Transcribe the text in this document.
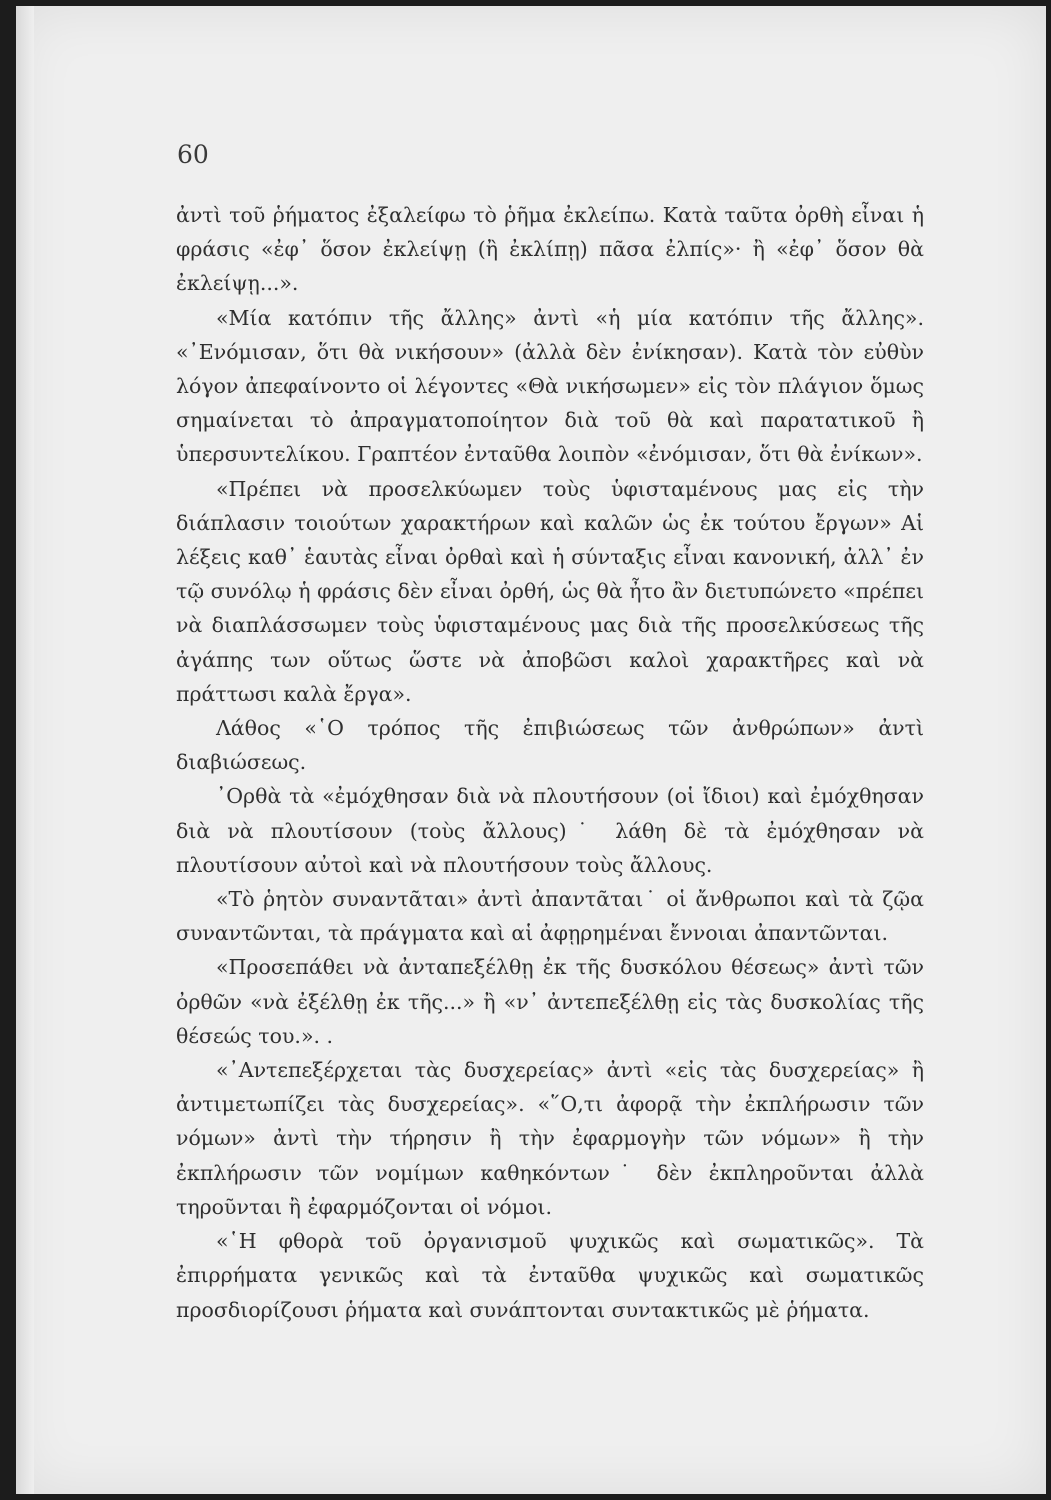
60

ἀντὶ τοῦ ῥήματος ἐξαλείφω τὸ ῥῆμα ἐκλείπω. Κατὰ ταῦτα ὀρθὴ εἶναι ἡ φράσις «ἐφ᾽ ὅσον ἐκλείψῃ (ἢ ἐκλίπῃ) πᾶσα ἐλπίς»· ἢ «ἐφ᾽ ὅσον θὰ ἐκλείψῃ...».

«Μία κατόπιν τῆς ἄλλης» ἀντὶ «ἡ μία κατόπιν τῆς ἄλλης». «᾽Ενόμισαν, ὅτι θὰ νικήσουν» (ἀλλὰ δὲν ἐνίκησαν). Κατὰ τὸν εὐθὺν λόγον ἀπεφαίνοντο οἱ λέγοντες «Θὰ νικήσωμεν» εἰς τὸν πλάγιον ὅμως σημαίνεται τὸ ἀπραγματοποίητον διὰ τοῦ θὰ καὶ παρατατικοῦ ἢ ὑπερσυντελίκου. Γραπτέον ἐνταῦθα λοιπὸν «ἐνόμισαν, ὅτι θὰ ἐνίκων».

«Πρέπει νὰ προσελκύωμεν τοὺς ὑφισταμένους μας εἰς τὴν διάπλασιν τοιούτων χαρακτήρων καὶ καλῶν ὡς ἐκ τούτου ἔργων» Αἱ λέξεις καθ᾽ ἑαυτὰς εἶναι ὀρθαὶ καὶ ἡ σύνταξις εἶναι κανονική, ἀλλ᾽ ἐν τῷ συνόλῳ ἡ φράσις δὲν εἶναι ὀρθή, ὡς θὰ ἦτο ἂν διετυπώνετο «πρέπει νὰ διαπλάσσωμεν τοὺς ὑφισταμένους μας διὰ τῆς προσελκύσεως τῆς ἀγάπης των οὕτως ὥστε νὰ ἀποβῶσι καλοὶ χαρακτῆρες καὶ νὰ πράττωσι καλὰ ἔργα».

Λάθος «῾Ο τρόπος τῆς ἐπιβιώσεως τῶν ἀνθρώπων» ἀντὶ διαβιώσεως.

᾽Ορθὰ τὰ «ἐμόχθησαν διὰ νὰ πλουτήσουν (οἱ ἴδιοι) καὶ ἐμόχθησαν διὰ νὰ πλουτίσουν (τοὺς ἄλλους)˙ λάθη δὲ τὰ ἐμόχθησαν νὰ πλουτίσουν αὐτοὶ καὶ νὰ πλουτήσουν τοὺς ἄλλους.

«Τὸ ῥητὸν συναντᾶται» ἀντὶ ἀπαντᾶται˙ οἱ ἄνθρωποι καὶ τὰ ζῷα συναντῶνται, τὰ πράγματα καὶ αἱ ἀφῃρημέναι ἔννοιαι ἀπαντῶνται.

«Προσεπάθει νὰ ἀνταπεξέλθῃ ἐκ τῆς δυσκόλου θέσεως» ἀντὶ τῶν ὀρθῶν «νὰ ἐξέλθῃ ἐκ τῆς...» ἢ «ν᾽ ἀντεπεξέλθῃ εἰς τὰς δυσκολίας τῆς θέσεώς του.». .

«᾽Αντεπεξέρχεται τὰς δυσχερείας» ἀντὶ «εἰς τὰς δυσχερείας» ἢ ἀντιμετωπίζει τὰς δυσχερείας». «῞Ο,τι ἀφορᾷ τὴν ἐκπλήρωσιν τῶν νόμων» ἀντὶ τὴν τήρησιν ἢ τὴν ἐφαρμογὴν τῶν νόμων» ἢ τὴν ἐκπλήρωσιν τῶν νομίμων καθηκόντων˙ δὲν ἐκπληροῦνται ἀλλὰ τηροῦνται ἢ ἐφαρμόζονται οἱ νόμοι.

«῾Η φθορὰ τοῦ ὀργανισμοῦ ψυχικῶς καὶ σωματικῶς». Τὰ ἐπιρρήματα γενικῶς καὶ τὰ ἐνταῦθα ψυχικῶς καὶ σωματικῶς προσδιορίζουσι ῥήματα καὶ συνάπτονται συντακτικῶς μὲ ῥήματα.
